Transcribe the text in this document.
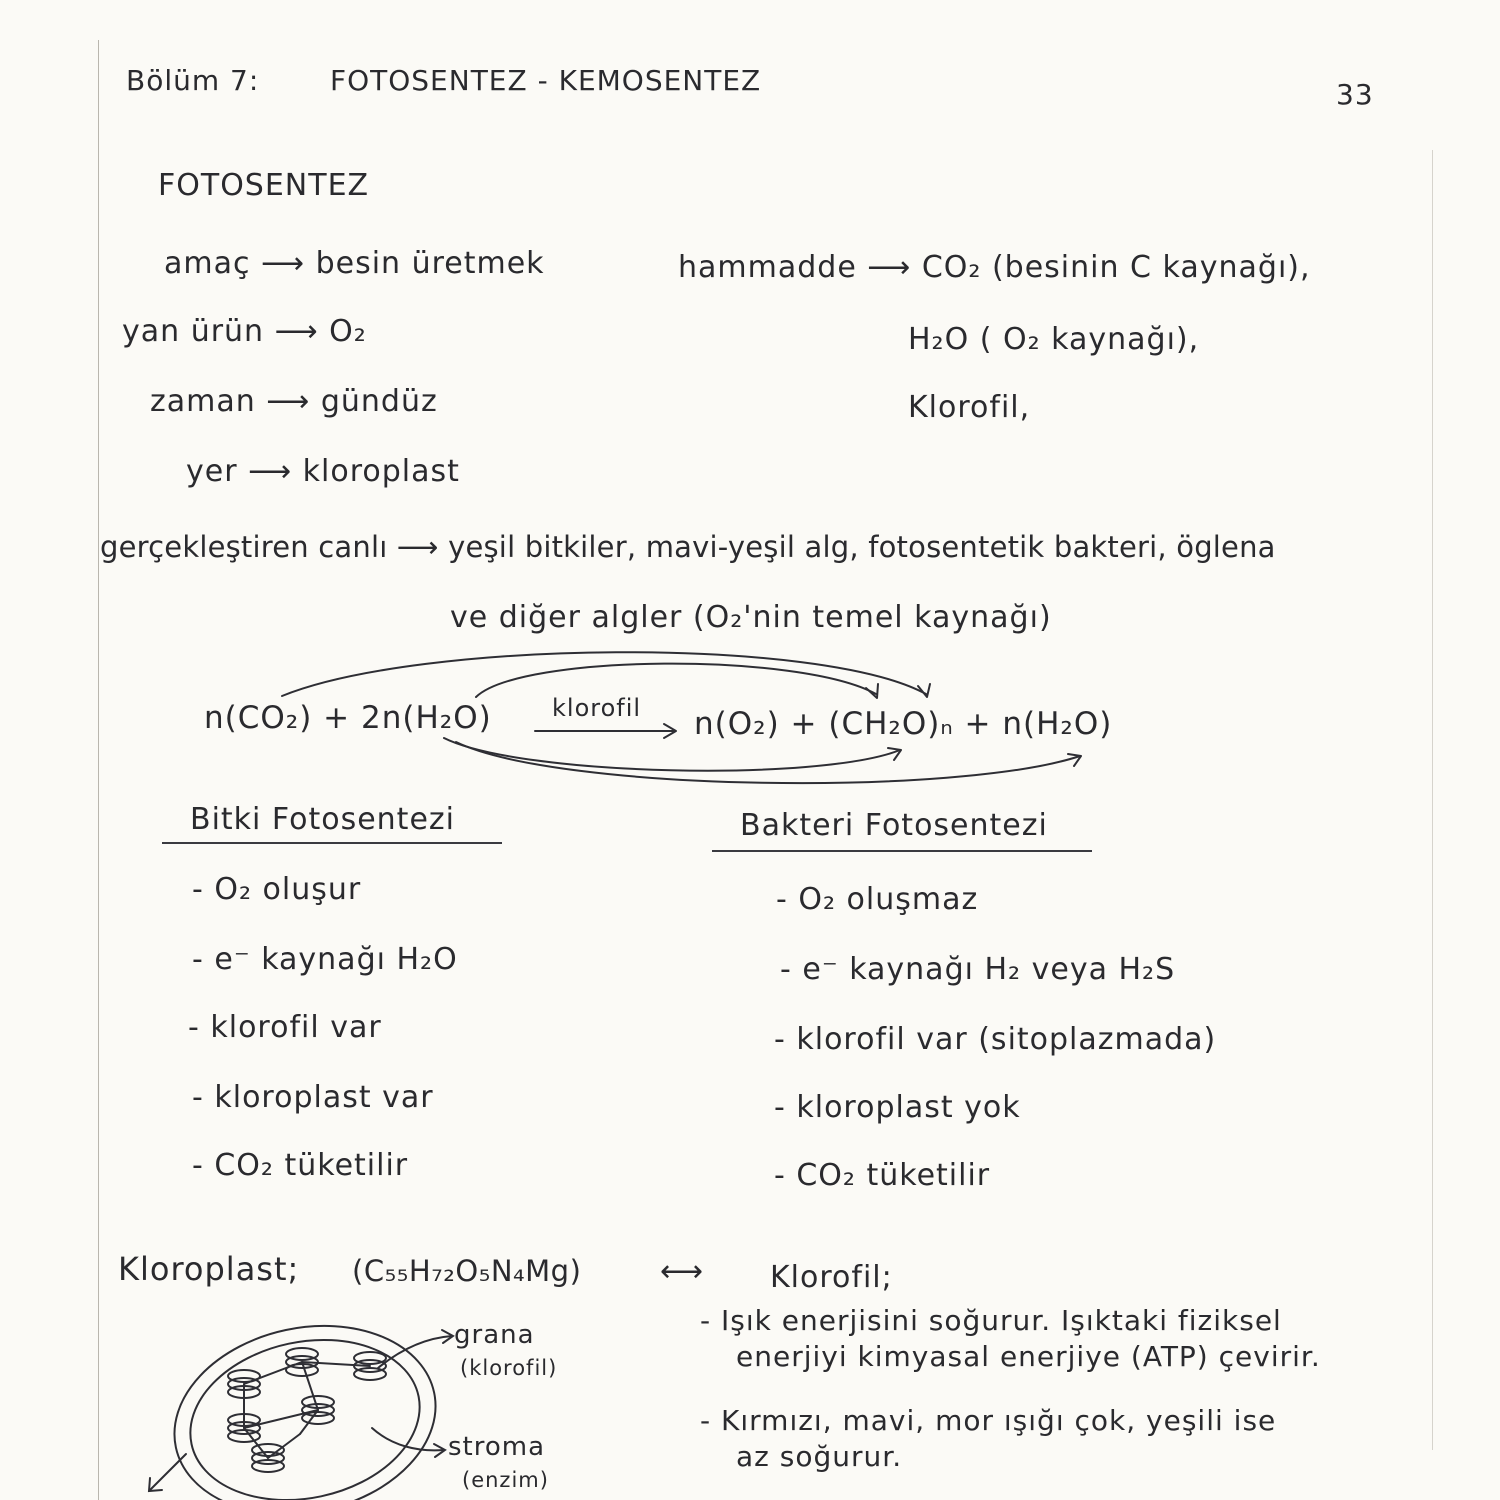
Bölüm 7:	FOTOSENTEZ - KEMOSENTEZ	33
FOTOSENTEZ
amaç ⟶ besin üretmek	hammadde ⟶ CO₂ (besinin C kaynağı),
yan ürün ⟶ O₂	H₂O ( O₂ kaynağı),
zaman ⟶ gündüz	Klorofil,
yer ⟶ kloroplast
gerçekleştiren canlı ⟶ yeşil bitkiler, mavi-yeşil alg, fotosentetik bakteri, öglena
ve diğer algler (O₂'nin temel kaynağı)
n(CO₂) + 2n(H₂O)	klorofil n(O₂) + (CH₂O)ₙ + n(H₂O)
Bitki Fotosentezi	Bakteri Fotosentezi
- O₂ oluşur
- e⁻ kaynağı H₂O
- klorofil var
- kloroplast var
- CO₂ tüketilir
- O₂ oluşmaz
- e⁻ kaynağı H₂ veya H₂S
- klorofil var (sitoplazmada)
- kloroplast yok
- CO₂ tüketilir
Kloroplast; (C₅₅H₇₂O₅N₄Mg)	⟷ Klorofil;
- Işık enerjisini soğurur. Işıktaki fiziksel
enerjiyi kimyasal enerjiye (ATP) çevirir.
- Kırmızı, mavi, mor ışığı çok, yeşili ise
az soğurur.
grana
(klorofil)
stroma
(enzim)
